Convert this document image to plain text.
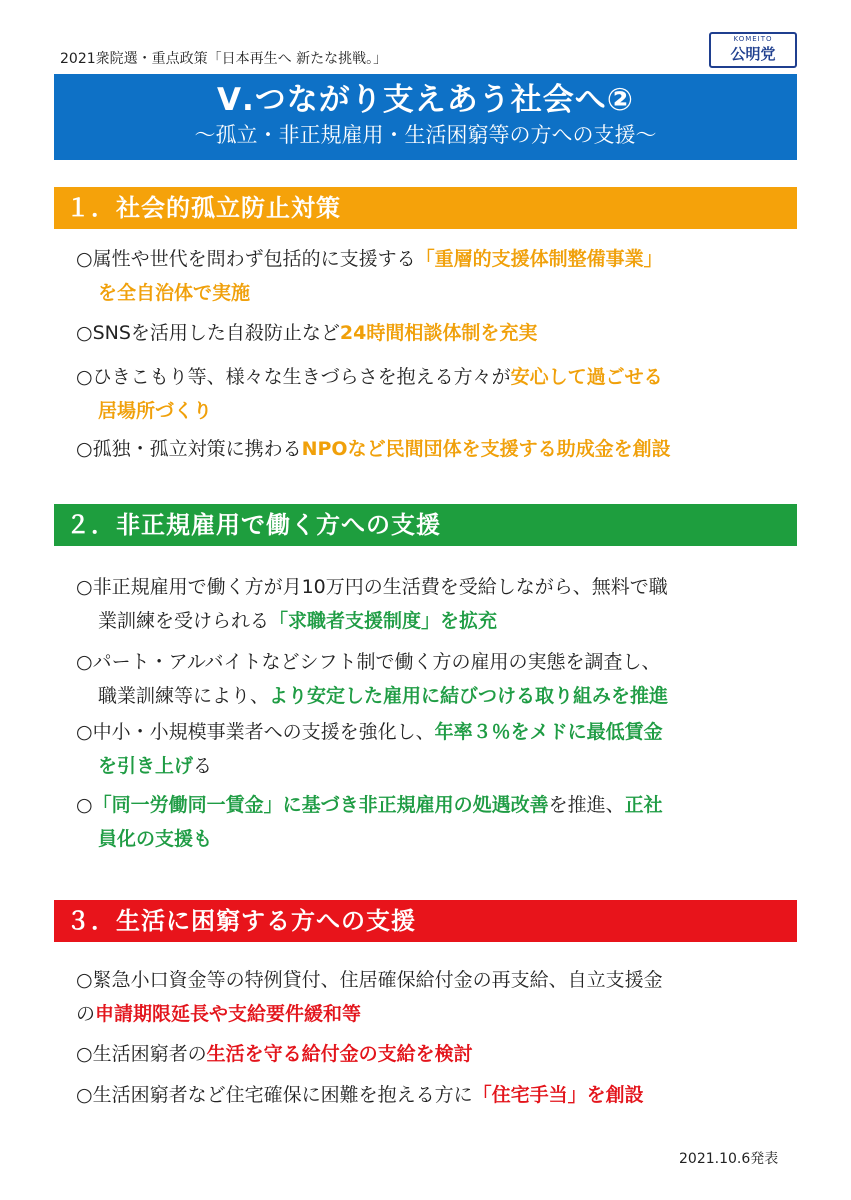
2021衆院選・重点政策「日本再生へ 新たな挑戦。」
KOMEITO
公明党
Ⅴ.つながり支えあう社会へ②
～孤立・非正規雇用・生活困窮等の方への支援～
１．社会的孤立防止対策
○属性や世代を問わず包括的に支援する「重層的支援体制整備事業」
を全自治体で実施
○SNSを活用した自殺防止など24時間相談体制を充実
○ひきこもり等、様々な生きづらさを抱える方々が安心して過ごせる
居場所づくり
○孤独・孤立対策に携わるNPOなど民間団体を支援する助成金を創設
２．非正規雇用で働く方への支援
○非正規雇用で働く方が月10万円の生活費を受給しながら、無料で職
業訓練を受けられる「求職者支援制度」を拡充
○パート・アルバイトなどシフト制で働く方の雇用の実態を調査し、
職業訓練等により、より安定した雇用に結びつける取り組みを推進
○中小・小規模事業者への支援を強化し、年率３％をメドに最低賃金
を引き上げる
○「同一労働同一賃金」に基づき非正規雇用の処遇改善を推進、正社
員化の支援も
３．生活に困窮する方への支援
○緊急小口資金等の特例貸付、住居確保給付金の再支給、自立支援金
の申請期限延長や支給要件緩和等
○生活困窮者の生活を守る給付金の支給を検討
○生活困窮者など住宅確保に困難を抱える方に「住宅手当」を創設
2021.10.6発表
